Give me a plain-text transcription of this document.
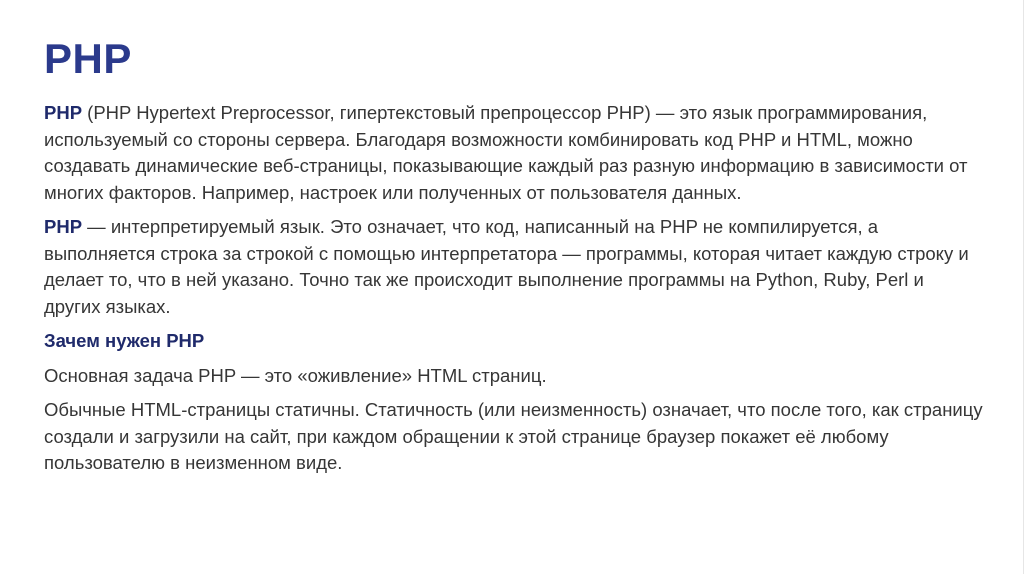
PHP

PHP (PHP Hypertext Preprocessor, гипертекстовый препроцессор PHP) — это язык программирования, используемый со стороны сервера. Благодаря возможности комбинировать код PHP и HTML, можно создавать динамические веб-страницы, показывающие каждый раз разную информацию в зависимости от многих факторов. Например, настроек или полученных от пользователя данных.

PHP — интерпретируемый язык. Это означает, что код, написанный на PHP не компилируется, а выполняется строка за строкой с помощью интерпретатора — программы, которая читает каждую строку и делает то, что в ней указано. Точно так же происходит выполнение программы на Python, Ruby, Perl и других языках.

Зачем нужен PHP

Основная задача PHP — это «оживление» HTML страниц.

Обычные HTML-страницы статичны. Статичность (или неизменность) означает, что после того, как страницу создали и загрузили на сайт, при каждом обращении к этой странице браузер покажет её любому пользователю в неизменном виде.
